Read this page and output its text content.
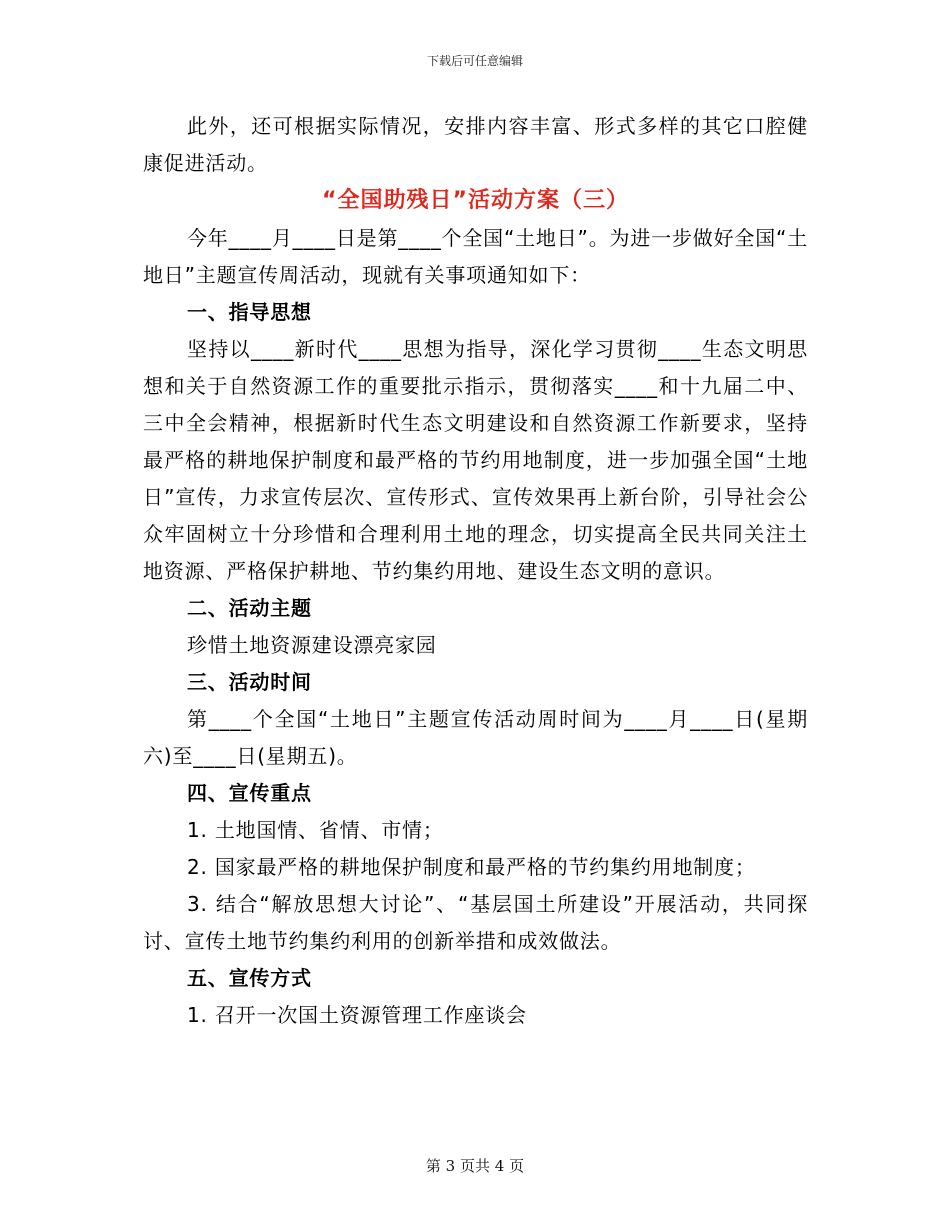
下载后可任意编辑

此外，还可根据实际情况，安排内容丰富、形式多样的其它口腔健康促进活动。

“全国助残日”活动方案（三）

今年____月____日是第____个全国“土地日”。为进一步做好全国“土地日”主题宣传周活动，现就有关事项通知如下：

一、指导思想

坚持以____新时代____思想为指导，深化学习贯彻____生态文明思想和关于自然资源工作的重要批示指示，贯彻落实____和十九届二中、三中全会精神，根据新时代生态文明建设和自然资源工作新要求，坚持最严格的耕地保护制度和最严格的节约用地制度，进一步加强全国“土地日”宣传，力求宣传层次、宣传形式、宣传效果再上新台阶，引导社会公众牢固树立十分珍惜和合理利用土地的理念，切实提高全民共同关注土地资源、严格保护耕地、节约集约用地、建设生态文明的意识。

二、活动主题

珍惜土地资源建设漂亮家园

三、活动时间

第____个全国“土地日”主题宣传活动周时间为____月____日(星期六)至____日(星期五)。

四、宣传重点

1. 土地国情、省情、市情；

2. 国家最严格的耕地保护制度和最严格的节约集约用地制度；

3. 结合“解放思想大讨论”、“基层国土所建设”开展活动，共同探讨、宣传土地节约集约利用的创新举措和成效做法。

五、宣传方式

1. 召开一次国土资源管理工作座谈会

第 3 页共 4 页
